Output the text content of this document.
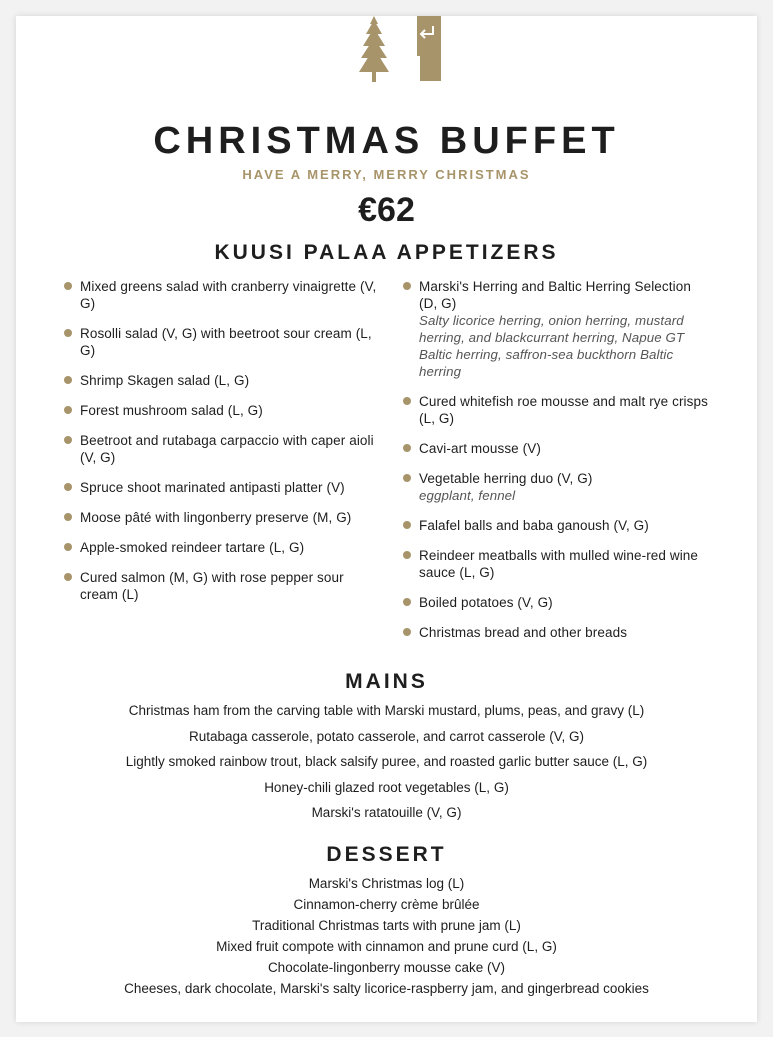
CHRISTMAS BUFFET
HAVE A MERRY, MERRY CHRISTMAS
€62
KUUSI PALAA APPETIZERS
Mixed greens salad with cranberry vinaigrette (V, G)
Rosolli salad (V, G) with beetroot sour cream (L, G)
Shrimp Skagen salad (L, G)
Forest mushroom salad (L, G)
Beetroot and rutabaga carpaccio with caper aioli (V, G)
Spruce shoot marinated antipasti platter (V)
Moose pâté with lingonberry preserve (M, G)
Apple-smoked reindeer tartare (L, G)
Cured salmon (M, G) with rose pepper sour cream (L)
Marski's Herring and Baltic Herring Selection (D, G)
Salty licorice herring, onion herring, mustard herring, and blackcurrant herring, Napue GT Baltic herring, saffron-sea buckthorn Baltic herring
Cured whitefish roe mousse and malt rye crisps (L, G)
Cavi-art mousse (V)
Vegetable herring duo (V, G)
eggplant, fennel
Falafel balls and baba ganoush (V, G)
Reindeer meatballs with mulled wine-red wine sauce (L, G)
Boiled potatoes (V, G)
Christmas bread and other breads
MAINS
Christmas ham from the carving table with Marski mustard, plums, peas, and gravy (L)
Rutabaga casserole, potato casserole, and carrot casserole (V, G)
Lightly smoked rainbow trout, black salsify puree, and roasted garlic butter sauce (L, G)
Honey-chili glazed root vegetables (L, G)
Marski's ratatouille (V, G)
DESSERT
Marski's Christmas log (L)
Cinnamon-cherry crème brûlée
Traditional Christmas tarts with prune jam (L)
Mixed fruit compote with cinnamon and prune curd (L, G)
Chocolate-lingonberry mousse cake (V)
Cheeses, dark chocolate, Marski's salty licorice-raspberry jam, and gingerbread cookies
